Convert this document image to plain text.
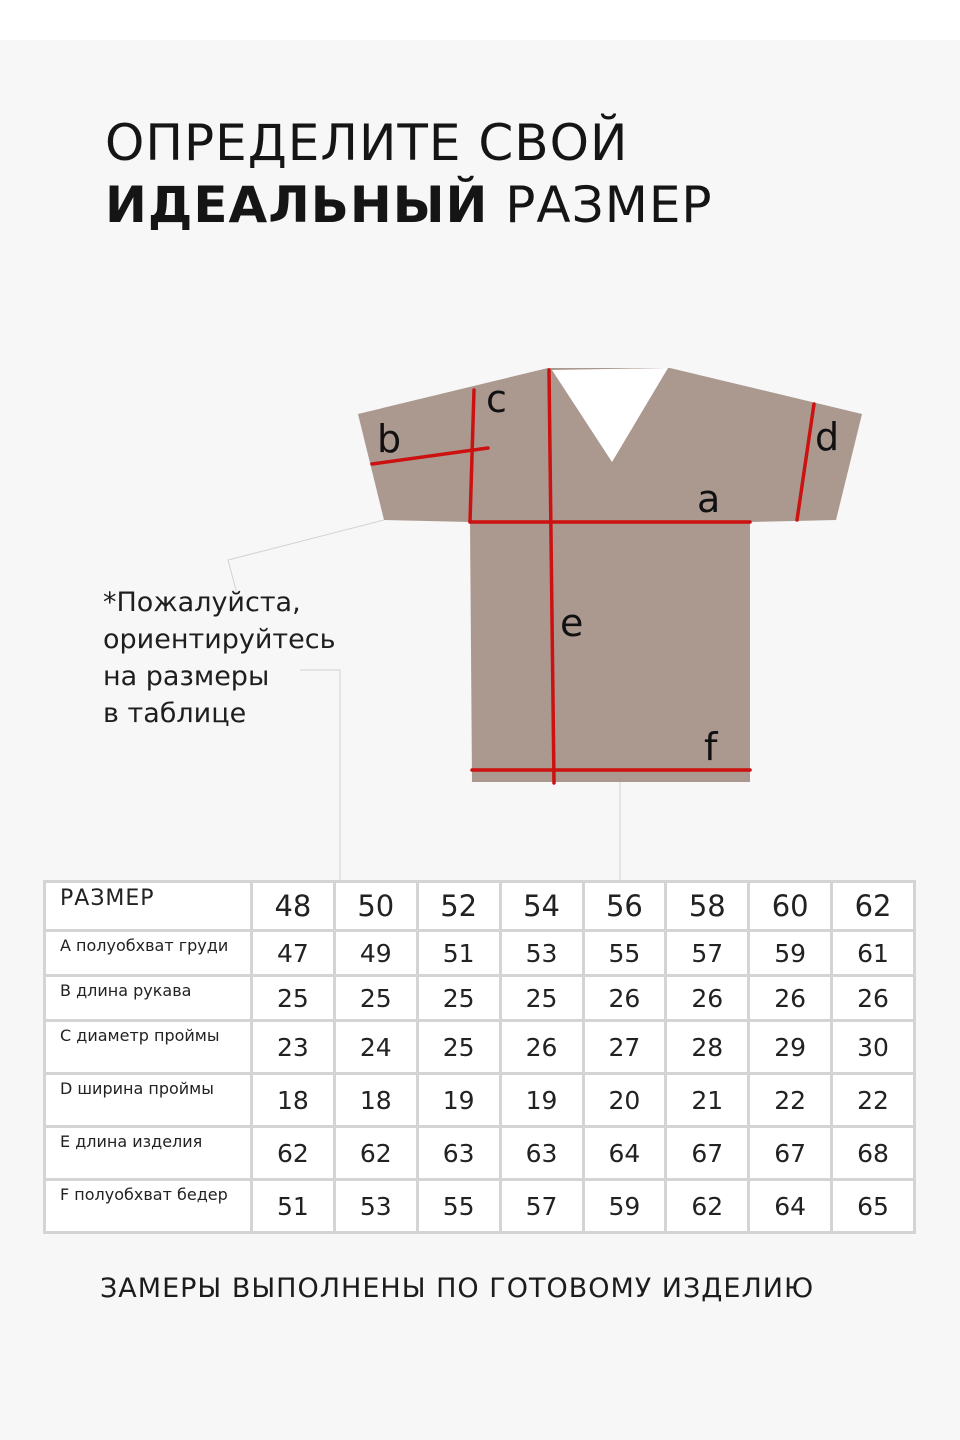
ОПРЕДЕЛИТЕ СВОЙ
ИДЕАЛЬНЫЙ РАЗМЕР
a
b
c
d
e
f
*Пожалуйста,
ориентируйтесь
на размеры
в таблице
РАЗМЕР	48	50	52	54	56	58	60	62
А полуобхват груди	47	49	51	53	55	57	59	61
В длина рукава	25	25	25	25	26	26	26	26
С диаметр проймы	23	24	25	26	27	28	29	30
D ширина проймы	18	18	19	19	20	21	22	22
Е длина изделия	62	62	63	63	64	67	67	68
F полуобхват бедер	51	53	55	57	59	62	64	65
ЗАМЕРЫ ВЫПОЛНЕНЫ ПО ГОТОВОМУ ИЗДЕЛИЮ
